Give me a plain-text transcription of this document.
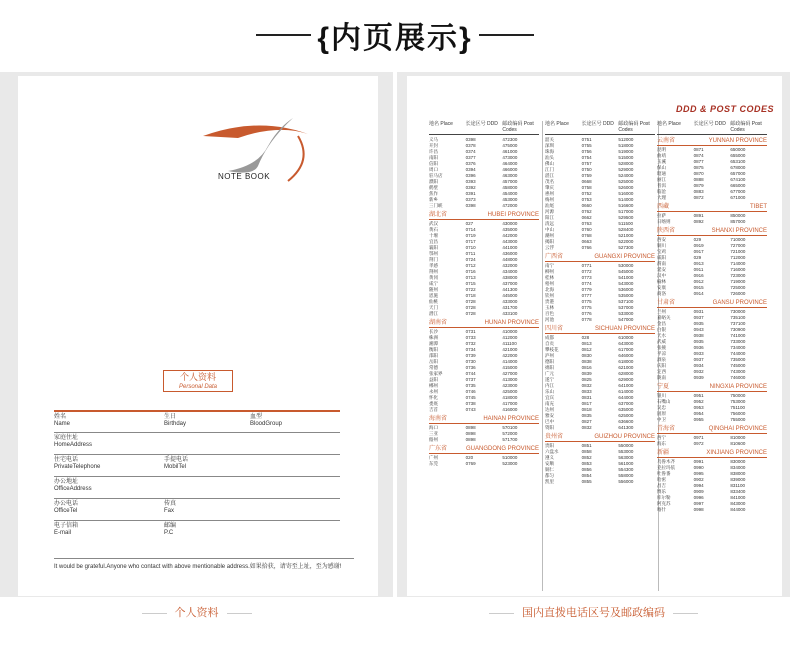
{内页展示}
NOTE BOOK
个人资料
Personal Data
姓名
Name
生日
Birthday
血型
BloodGroup
家庭住址
HomeAddress
住宅电话
PrivateTelephone
手提电话
MobilTel
办公地址
OfficeAddress
办公电话
OfficeTel
传真
Fax
电子信箱
E-mail
邮编
P.C
It would be grateful.Anyone who contact with above mentionable address.如果拾获，请寄至上址，至为感谢!
DDD & POST CODES
地名 Place	长途区号 DDD 邮政编码 Post Codes
义马	0398	472300
开封	0378	475000
许昌	0374	461000
南阳	0377	473000
信阳	0376	464000
周口	0394	466000
驻马店	0396	463000
濮阳	0393	457000
鹤壁	0392	458000
焦作	0391	454000
新乡	0373	453000
三门峡	0398	472000
湖北省	HUBEI PROVINCE
武汉	027	430000
黄石	0714	435000
十堰	0719	442000
宜昌	0717	443000
襄阳	0710	441000
鄂州	0711	436000
荆门	0724	448000
孝感	0712	432000
荆州	0716	434000
黄冈	0713	438000
咸宁	0715	437000
随州	0722	441300
恩施	0718	445000
仙桃	0728	433000
天门	0728	431700
潜江	0728	433100
湖南省	HUNAN PROVINCE
长沙	0731	410000
株洲	0733	412000
湘潭	0732	411100
衡阳	0734	421000
邵阳	0739	422000
岳阳	0730	414000
常德	0736	415000
张家界	0744	427000
益阳	0737	413000
郴州	0735	423000
永州	0746	425000
怀化	0745	418000
娄底	0738	417000
吉首	0743	416000
海南省	HAINAN PROVINCE
海口	0898	570100
三亚	0898	572000
儋州	0898	571700
广东省	GUANGDONG PROVINCE
广州	020	510000
东莞	0769	523000
地名 Place	长途区号 DDD 邮政编码 Post Codes
韶关	0751	512000
深圳	0755	518000
珠海	0756	519000
汕头	0754	515000
佛山	0757	528000
江门	0750	529000
湛江	0759	524000
茂名	0668	525000
肇庆	0758	526000
惠州	0752	516000
梅州	0753	514000
汕尾	0660	516600
河源	0762	517000
阳江	0662	529500
清远	0763	511500
中山	0760	528400
潮州	0768	521000
揭阳	0663	522000
云浮	0766	527300
广西省	GUANGXI PROVINCE
南宁	0771	530000
柳州	0772	545000
桂林	0773	541000
梧州	0774	543000
北海	0779	536000
钦州	0777	535000
贵港	0775	537100
玉林	0775	537000
百色	0776	533000
河池	0778	547000
四川省	SICHUAN PROVINCE
成都	028	610000
自贡	0813	643000
攀枝花	0812	617000
泸州	0830	646000
德阳	0838	618000
绵阳	0816	621000
广元	0839	628000
遂宁	0825	629000
内江	0832	641000
乐山	0833	614000
宜宾	0831	644000
南充	0817	637000
达州	0818	635000
雅安	0835	625000
巴中	0827	636600
资阳	0832	641300
贵州省	GUIZHOU PROVINCE
贵阳	0851	550000
六盘水	0858	553000
遵义	0852	563000
安顺	0853	561000
铜仁	0856	554300
都匀	0854	558000
凯里	0855	556000
地名 Place	长途区号 DDD 邮政编码 Post Codes
云南省	YUNNAN PROVINCE
昆明	0871	650000
曲靖	0874	655000
玉溪	0877	653100
保山	0875	678000
昭通	0870	657000
丽江	0888	674100
普洱	0879	665000
临沧	0883	677000
大理	0872	671000
西藏	TIBET
拉萨	0891	850000
日喀则	0892	857000
陕西省	SHANXI PROVINCE
西安	029	710000
铜川	0919	727000
宝鸡	0917	721000
咸阳	029	712000
渭南	0913	714000
延安	0911	716000
汉中	0916	723000
榆林	0912	719000
安康	0915	725000
商洛	0914	726000
甘肃省	GANSU PROVINCE
兰州	0931	730000
嘉峪关	0937	735100
金昌	0935	737100
白银	0943	730900
天水	0938	741000
武威	0935	733000
张掖	0936	734000
平凉	0933	744000
酒泉	0937	735000
庆阳	0934	745000
定西	0932	743000
陇南	0939	746000
宁夏	NINGXIA PROVINCE
银川	0951	750000
石嘴山	0952	753000
吴忠	0953	751100
固原	0954	756000
中卫	0955	755000
青海省	QINGHAI PROVINCE
西宁	0971	810000
海东	0972	810600
新疆	XINJIANG PROVINCE
乌鲁木齐	0991	830000
克拉玛依	0990	834000
吐鲁番	0995	838000
哈密	0902	839000
昌吉	0994	831100
博乐	0909	833400
库尔勒	0996	841000
阿克苏	0997	843000
喀什	0998	844000
个人资料	国内直拨电话区号及邮政编码
